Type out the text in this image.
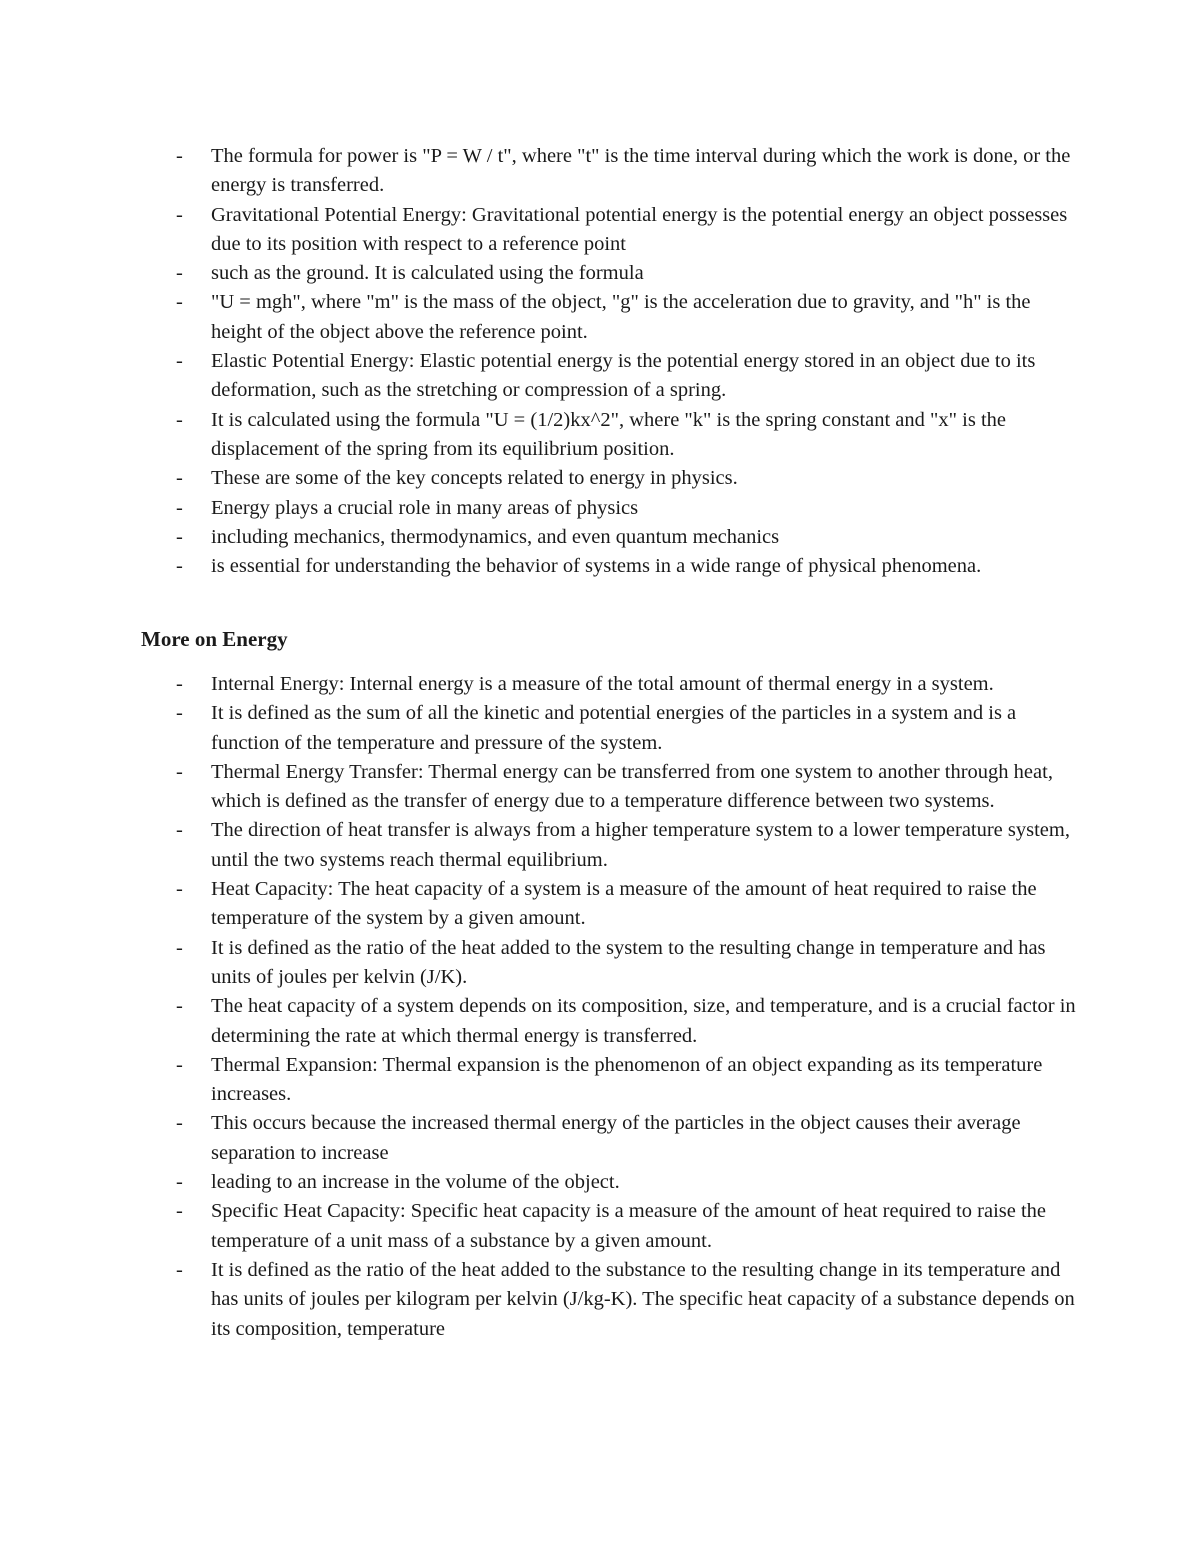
- The formula for power is "P = W / t", where "t" is the time interval during which the work is done, or the energy is transferred.
- Gravitational Potential Energy: Gravitational potential energy is the potential energy an object possesses due to its position with respect to a reference point
- such as the ground. It is calculated using the formula
- "U = mgh", where "m" is the mass of the object, "g" is the acceleration due to gravity, and "h" is the height of the object above the reference point.
- Elastic Potential Energy: Elastic potential energy is the potential energy stored in an object due to its deformation, such as the stretching or compression of a spring.
- It is calculated using the formula "U = (1/2)kx^2", where "k" is the spring constant and "x" is the displacement of the spring from its equilibrium position.
- These are some of the key concepts related to energy in physics.
- Energy plays a crucial role in many areas of physics
- including mechanics, thermodynamics, and even quantum mechanics
- is essential for understanding the behavior of systems in a wide range of physical phenomena.
More on Energy
- Internal Energy: Internal energy is a measure of the total amount of thermal energy in a system.
- It is defined as the sum of all the kinetic and potential energies of the particles in a system and is a function of the temperature and pressure of the system.
- Thermal Energy Transfer: Thermal energy can be transferred from one system to another through heat, which is defined as the transfer of energy due to a temperature difference between two systems.
- The direction of heat transfer is always from a higher temperature system to a lower temperature system, until the two systems reach thermal equilibrium.
- Heat Capacity: The heat capacity of a system is a measure of the amount of heat required to raise the temperature of the system by a given amount.
- It is defined as the ratio of the heat added to the system to the resulting change in temperature and has units of joules per kelvin (J/K).
- The heat capacity of a system depends on its composition, size, and temperature, and is a crucial factor in determining the rate at which thermal energy is transferred.
- Thermal Expansion: Thermal expansion is the phenomenon of an object expanding as its temperature increases.
- This occurs because the increased thermal energy of the particles in the object causes their average separation to increase
- leading to an increase in the volume of the object.
- Specific Heat Capacity: Specific heat capacity is a measure of the amount of heat required to raise the temperature of a unit mass of a substance by a given amount.
- It is defined as the ratio of the heat added to the substance to the resulting change in its temperature and has units of joules per kilogram per kelvin (J/kg-K). The specific heat capacity of a substance depends on its composition, temperature
